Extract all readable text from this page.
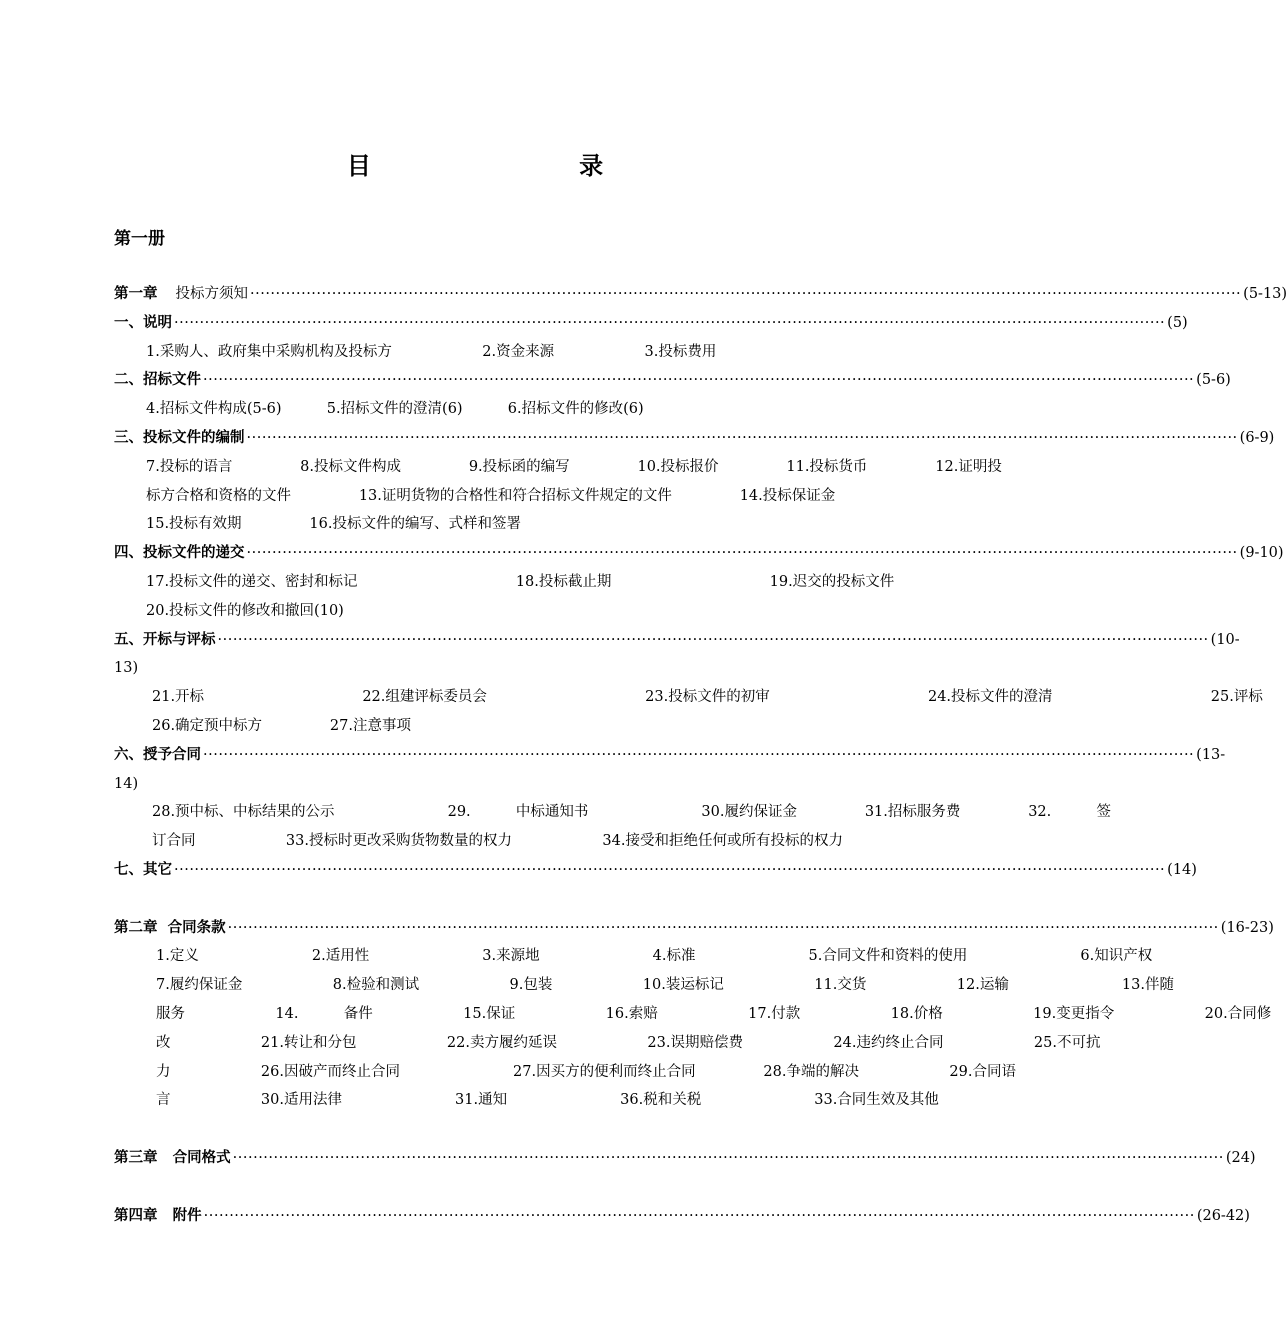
目 录
第一册
第一章 投标方须知 ·····	(5-13)
一、说明 ·····	(5)
1.采购人、政府集中采购机构及投标方    2.资金来源    3.投标费用
二、招标文件 ·····	(5-6)
4.招标文件构成(5-6)  5.招标文件的澄清(6)  6.招标文件的修改(6)
三、投标文件的编制 ·····	(6-9)
7.投标的语言   8.投标文件构成   9.投标函的编写   10.投标报价   11.投标货币   12.证明投
标方合格和资格的文件   13.证明货物的合格性和符合招标文件规定的文件   14.投标保证金
15.投标有效期   16.投标文件的编写、式样和签署
四、投标文件的递交 ·····	(9-10)
17.投标文件的递交、密封和标记       18.投标截止期       19.迟交的投标文件
20.投标文件的修改和撤回(10)
五、开标与评标 ·····	(10-
13)
21.开标       22.组建评标委员会       23.投标文件的初审       24.投标文件的澄清       25.评标
26.确定预中标方   27.注意事项
六、授予合同 ·····	(13-
14)
28.预中标、中标结果的公示     29.  中标通知书     30.履约保证金   31.招标服务费   32.  签
订合同    33.授标时更改采购货物数量的权力    34.接受和拒绝任何或所有投标的权力
七、其它 ·····	(14)
第二章  合同条款 ·····	(16-23)
1.定义     2.适用性     3.来源地     4.标准     5.合同文件和资料的使用     6.知识产权
7.履约保证金    8.检验和测试    9.包装    10.装运标记    11.交货    12.运输     13.伴随
服务    14.  备件    15.保证    16.索赔    17.付款    18.价格    19.变更指令    20.合同修
改    21.转让和分包    22.卖方履约延误    23.误期赔偿费    24.违约终止合同    25.不可抗
力    26.因破产而终止合同     27.因买方的便利而终止合同   28.争端的解决    29.合同语
言    30.适用法律     31.通知     36.税和关税     33.合同生效及其他
第三章   合同格式 ·····	(24)
第四章   附件 ·····	(26-42)
